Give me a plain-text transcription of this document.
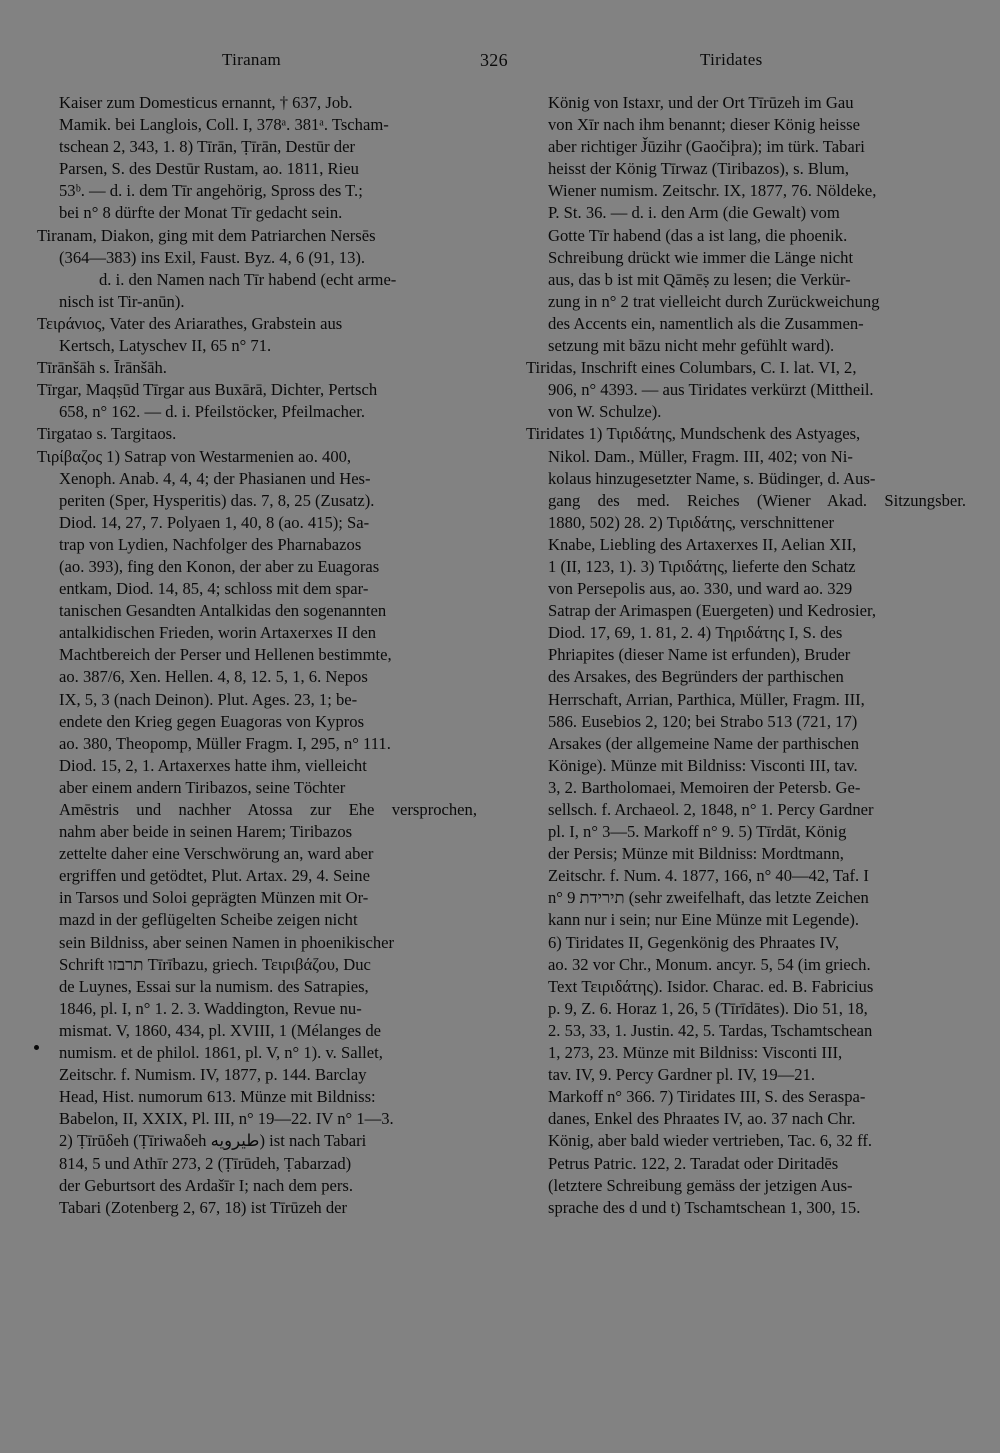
Tiranam	326	Tiridates
Kaiser zum Domesticus ernannt, † 637, Job.
Mamik. bei Langlois, Coll. I, 378ᵃ. 381ᵃ. Tscham-
tschean 2, 343, 1. 8) Tīrān, Ṭīrān, Destūr der
Parsen, S. des Destūr Rustam, ao. 1811, Rieu
53ᵇ. — d. i. dem Tīr angehörig, Spross des T.;
bei n° 8 dürfte der Monat Tīr gedacht sein.
Tiranam, Diakon, ging mit dem Patriarchen Nersēs
(364—383) ins Exil, Faust. Byz. 4, 6 (91, 13).
d. i. den Namen nach Tīr habend (echt arme-
nisch ist Tir-anūn).
Τειράνιος, Vater des Ariarathes, Grabstein aus
Kertsch, Latyschev II, 65 n° 71.
Tīrānšāh s. Īrānšāh.
Tīrgar, Maqṣūd Tīrgar aus Buxārā, Dichter, Pertsch
658, n° 162. — d. i. Pfeilstöcker, Pfeilmacher.
Tirgatao s. Targitaos.
Τιρίβαζος 1) Satrap von Westarmenien ao. 400,
Xenoph. Anab. 4, 4, 4; der Phasianen und Hes-
periten (Sper, Hysperitis) das. 7, 8, 25 (Zusatz).
Diod. 14, 27, 7. Polyaen 1, 40, 8 (ao. 415); Sa-
trap von Lydien, Nachfolger des Pharnabazos
(ao. 393), fing den Konon, der aber zu Euagoras
entkam, Diod. 14, 85, 4; schloss mit dem spar-
tanischen Gesandten Antalkidas den sogenannten
antalkidischen Frieden, worin Artaxerxes II den
Machtbereich der Perser und Hellenen bestimmte,
ao. 387/6, Xen. Hellen. 4, 8, 12. 5, 1, 6. Nepos
IX, 5, 3 (nach Deinon). Plut. Ages. 23, 1; be-
endete den Krieg gegen Euagoras von Kypros
ao. 380, Theopomp, Müller Fragm. I, 295, n° 111.
Diod. 15, 2, 1. Artaxerxes hatte ihm, vielleicht
aber einem andern Tiribazos, seine Töchter
Amēstris und nachher Atossa zur Ehe versprochen,
nahm aber beide in seinen Harem; Tiribazos
zettelte daher eine Verschwörung an, ward aber
ergriffen und getödtet, Plut. Artax. 29, 4. Seine
in Tarsos und Soloi geprägten Münzen mit Or-
mazd in der geflügelten Scheibe zeigen nicht
sein Bildniss, aber seinen Namen in phoenikischer
Schrift תרבזו Tīrībazu, griech. Τειριβάζου, Duc
de Luynes, Essai sur la numism. des Satrapies,
1846, pl. I, n° 1. 2. 3. Waddington, Revue nu-
mismat. V, 1860, 434, pl. XVIII, 1 (Mélanges de
numism. et de philol. 1861, pl. V, n° 1). v. Sallet,
Zeitschr. f. Numism. IV, 1877, p. 144. Barclay
Head, Hist. numorum 613. Münze mit Bildniss:
Babelon, II, XXIX, Pl. III, n° 19—22. IV n° 1—3.
2) Ṭīrūδeh (Ṭīriwaδeh طيرويه) ist nach Tabari
814, 5 und Athīr 273, 2 (Ṭīrūdeh, Ṭabarzad)
der Geburtsort des Ardašīr I; nach dem pers.
Tabari (Zotenberg 2, 67, 18) ist Tīrūzeh der
König von Istaxr, und der Ort Tīrūzeh im Gau
von Xīr nach ihm benannt; dieser König heisse
aber richtiger J̌ūzihr (Gaočiþra); im türk. Tabari
heisst der König Tīrwaz (Tiribazos), s. Blum,
Wiener numism. Zeitschr. IX, 1877, 76. Nöldeke,
P. St. 36. — d. i. den Arm (die Gewalt) vom
Gotte Tīr habend (das a ist lang, die phoenik.
Schreibung drückt wie immer die Länge nicht
aus, das b ist mit Qāmēṣ zu lesen; die Verkür-
zung in n° 2 trat vielleicht durch Zurückweichung
des Accents ein, namentlich als die Zusammen-
setzung mit bāzu nicht mehr gefühlt ward).
Tiridas, Inschrift eines Columbars, C. I. lat. VI, 2,
906, n° 4393. — aus Tiridates verkürzt (Mittheil.
von W. Schulze).
Tiridates 1) Τιριδάτης, Mundschenk des Astyages,
Nikol. Dam., Müller, Fragm. III, 402; von Ni-
kolaus hinzugesetzter Name, s. Büdinger, d. Aus-
gang des med. Reiches (Wiener Akad. Sitzungsber.
1880, 502) 28. 2) Τιριδάτης, verschnittener
Knabe, Liebling des Artaxerxes II, Aelian XII,
1 (II, 123, 1). 3) Τιριδάτης, lieferte den Schatz
von Persepolis aus, ao. 330, und ward ao. 329
Satrap der Arimaspen (Euergeten) und Kedrosier,
Diod. 17, 69, 1. 81, 2. 4) Τηριδάτης I, S. des
Phriapites (dieser Name ist erfunden), Bruder
des Arsakes, des Begründers der parthischen
Herrschaft, Arrian, Parthica, Müller, Fragm. III,
586. Eusebios 2, 120; bei Strabo 513 (721, 17)
Arsakes (der allgemeine Name der parthischen
Könige). Münze mit Bildniss: Visconti III, tav.
3, 2. Bartholomaei, Memoiren der Petersb. Ge-
sellsch. f. Archaeol. 2, 1848, n° 1. Percy Gardner
pl. I, n° 3—5. Markoff n° 9. 5) Tīrdāt, König
der Persis; Münze mit Bildniss: Mordtmann,
Zeitschr. f. Num. 4. 1877, 166, n° 40—42, Taf. I
n° 9 תירידת (sehr zweifelhaft, das letzte Zeichen
kann nur i sein; nur Eine Münze mit Legende).
6) Tiridates II, Gegenkönig des Phraates IV,
ao. 32 vor Chr., Monum. ancyr. 5, 54 (im griech.
Text Τειριδάτης). Isidor. Charac. ed. B. Fabricius
p. 9, Z. 6. Horaz 1, 26, 5 (Tīrīdātes). Dio 51, 18,
2. 53, 33, 1. Justin. 42, 5. Tardas, Tschamtschean
1, 273, 23. Münze mit Bildniss: Visconti III,
tav. IV, 9. Percy Gardner pl. IV, 19—21.
Markoff n° 366. 7) Tiridates III, S. des Seraspa-
danes, Enkel des Phraates IV, ao. 37 nach Chr.
König, aber bald wieder vertrieben, Tac. 6, 32 ff.
Petrus Patric. 122, 2. Taradat oder Diritadēs
(letztere Schreibung gemäss der jetzigen Aus-
sprache des d und t) Tschamtschean 1, 300, 15.
